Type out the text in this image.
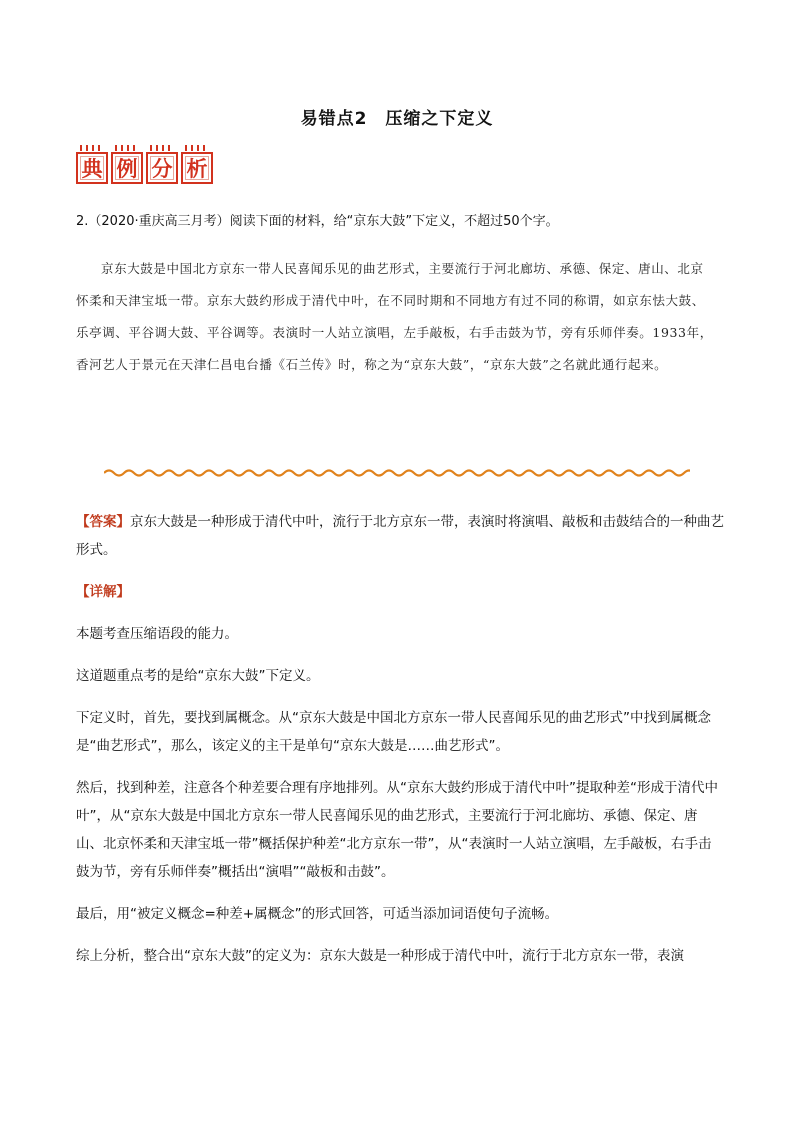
易错点2　压缩之下定义
典 例 分 析
2.（2020·重庆高三月考）阅读下面的材料，给“京东大鼓”下定义，不超过50个字。
京东大鼓是中国北方京东一带人民喜闻乐见的曲艺形式，主要流行于河北廊坊、承德、保定、唐山、北京怀柔和天津宝坻一带。京东大鼓约形成于清代中叶，在不同时期和不同地方有过不同的称谓，如京东怯大鼓、乐亭调、平谷调大鼓、平谷调等。表演时一人站立演唱，左手敲板，右手击鼓为节，旁有乐师伴奏。1933年，香河艺人于景元在天津仁昌电台播《石兰传》时，称之为“京东大鼓”，“京东大鼓”之名就此通行起来。

【答案】京东大鼓是一种形成于清代中叶，流行于北方京东一带，表演时将演唱、敲板和击鼓结合的一种曲艺形式。

【详解】

本题考查压缩语段的能力。

这道题重点考的是给“京东大鼓”下定义。

下定义时，首先，要找到属概念。从“京东大鼓是中国北方京东一带人民喜闻乐见的曲艺形式”中找到属概念是“曲艺形式”，那么，该定义的主干是单句“京东大鼓是……曲艺形式”。

然后，找到种差，注意各个种差要合理有序地排列。从“京东大鼓约形成于清代中叶”提取种差“形成于清代中叶”，从“京东大鼓是中国北方京东一带人民喜闻乐见的曲艺形式，主要流行于河北廊坊、承德、保定、唐山、北京怀柔和天津宝坻一带”概括保护种差“北方京东一带”，从“表演时一人站立演唱，左手敲板，右手击鼓为节，旁有乐师伴奏”概括出“演唱”“敲板和击鼓”。

最后，用“被定义概念=种差+属概念”的形式回答，可适当添加词语使句子流畅。

综上分析，整合出“京东大鼓”的定义为：京东大鼓是一种形成于清代中叶，流行于北方京东一带，表演
